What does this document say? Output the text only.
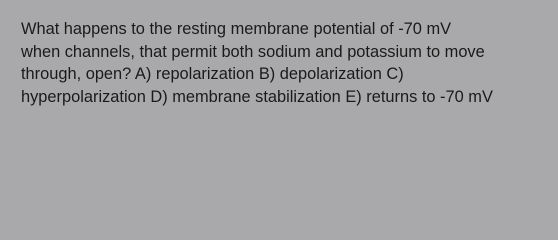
What happens to the resting membrane potential of -70 mV
when channels, that permit both sodium and potassium to move
through, open? A) repolarization B) depolarization C)
hyperpolarization D) membrane stabilization E) returns to -70 mV
